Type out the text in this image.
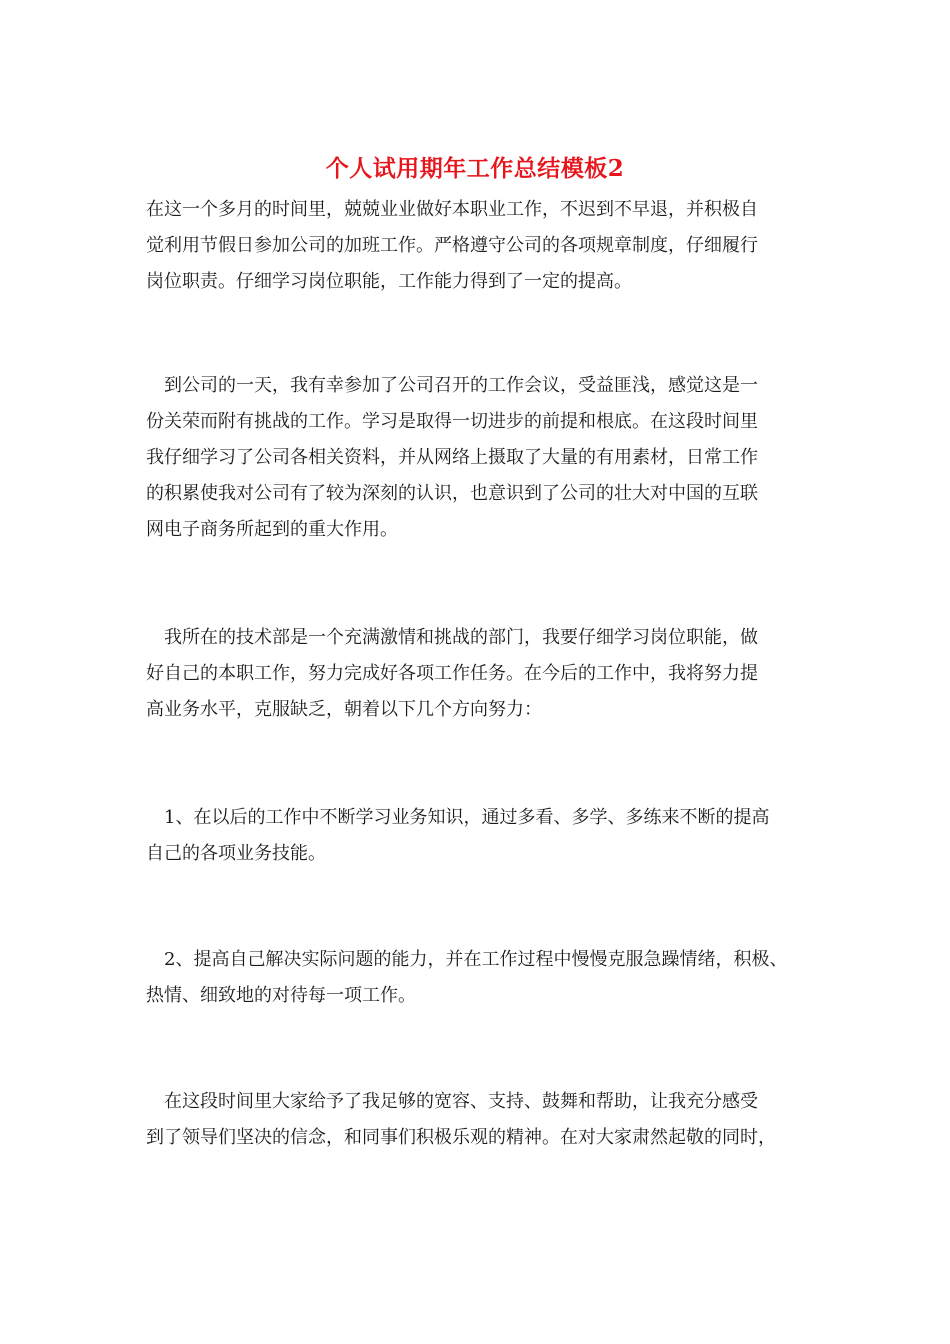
个人试用期年工作总结模板2

在这一个多月的时间里，兢兢业业做好本职业工作，不迟到不早退，并积极自

觉利用节假日参加公司的加班工作。严格遵守公司的各项规章制度，仔细履行

岗位职责。仔细学习岗位职能，工作能力得到了一定的提高。

到公司的一天，我有幸参加了公司召开的工作会议，受益匪浅，感觉这是一

份关荣而附有挑战的工作。学习是取得一切进步的前提和根底。在这段时间里

我仔细学习了公司各相关资料，并从网络上摄取了大量的有用素材，日常工作

的积累使我对公司有了较为深刻的认识，也意识到了公司的壮大对中国的互联

网电子商务所起到的重大作用。

我所在的技术部是一个充满激情和挑战的部门，我要仔细学习岗位职能，做

好自己的本职工作，努力完成好各项工作任务。在今后的工作中，我将努力提

高业务水平，克服缺乏，朝着以下几个方向努力：

1、在以后的工作中不断学习业务知识，通过多看、多学、多练来不断的提高

自己的各项业务技能。

2、提高自己解决实际问题的能力，并在工作过程中慢慢克服急躁情绪，积极、

热情、细致地的对待每一项工作。

在这段时间里大家给予了我足够的宽容、支持、鼓舞和帮助，让我充分感受

到了领导们坚决的信念，和同事们积极乐观的精神。在对大家肃然起敬的同时，
